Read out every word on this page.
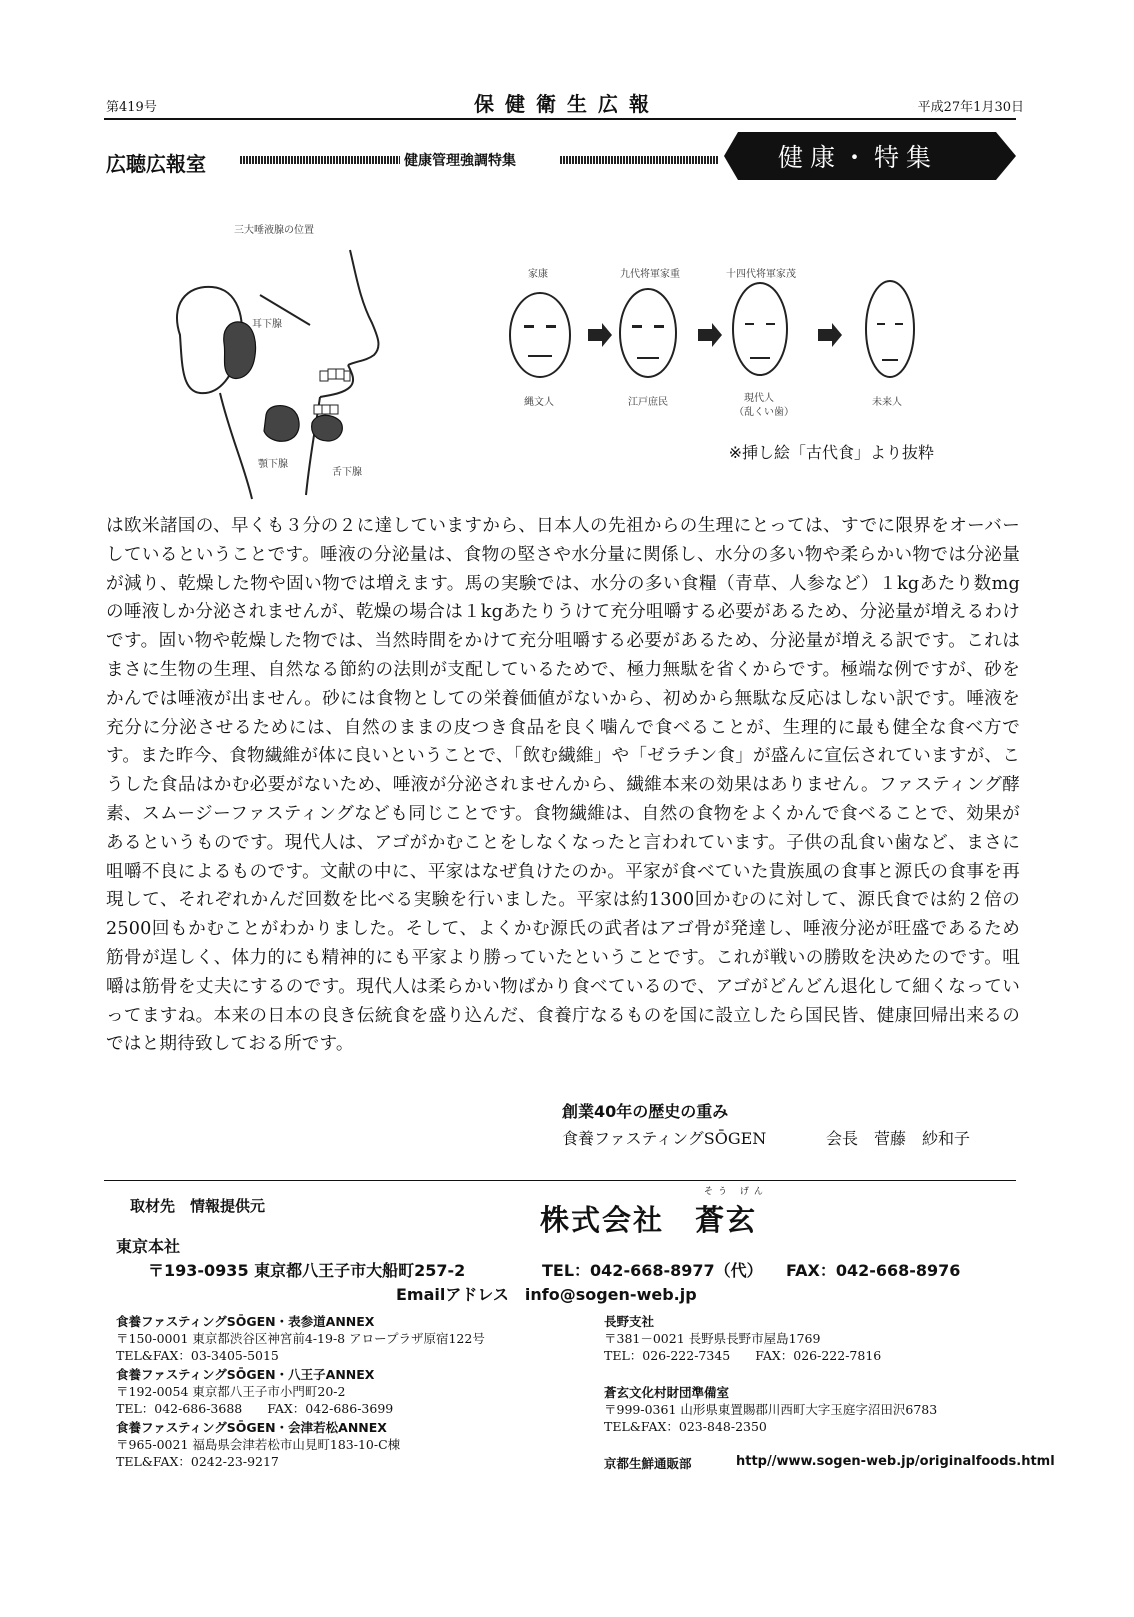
第419号	保健衛生広報	平成27年1月30日
広聴広報室	健康管理強調特集	健康・特集
三大唾液腺の位置
耳下腺
顎下腺
舌下腺
家康	九代将軍家重	十四代将軍家茂
縄文人	江戸庶民	現代人
（乱くい歯）
未来人
※挿し絵「古代食」より抜粋
は欧米諸国の、早くも３分の２に達していますから、日本人の先祖からの生理にとっては、すでに限界をオーバーしているということです。唾液の分泌量は、食物の堅さや水分量に関係し、水分の多い物や柔らかい物では分泌量が減り、乾燥した物や固い物では増えます。馬の実験では、水分の多い食糧（青草、人参など）１kgあたり数mgの唾液しか分泌されませんが、乾燥の場合は１kgあたりうけて充分咀嚼する必要があるため、分泌量が増えるわけです。固い物や乾燥した物では、当然時間をかけて充分咀嚼する必要があるため、分泌量が増える訳です。これはまさに生物の生理、自然なる節約の法則が支配しているためで、極力無駄を省くからです。極端な例ですが、砂をかんでは唾液が出ません。砂には食物としての栄養価値がないから、初めから無駄な反応はしない訳です。唾液を充分に分泌させるためには、自然のままの皮つき食品を良く噛んで食べることが、生理的に最も健全な食べ方です。また昨今、食物繊維が体に良いということで、「飲む繊維」や「ゼラチン食」が盛んに宣伝されていますが、こうした食品はかむ必要がないため、唾液が分泌されませんから、繊維本来の効果はありません。ファスティング酵素、スムージーファスティングなども同じことです。食物繊維は、自然の食物をよくかんで食べることで、効果があるというものです。現代人は、アゴがかむことをしなくなったと言われています。子供の乱食い歯など、まさに咀嚼不良によるものです。文献の中に、平家はなぜ負けたのか。平家が食べていた貴族風の食事と源氏の食事を再現して、それぞれかんだ回数を比べる実験を行いました。平家は約1300回かむのに対して、源氏食では約２倍の2500回もかむことがわかりました。そして、よくかむ源氏の武者はアゴ骨が発達し、唾液分泌が旺盛であるため筋骨が逞しく、体力的にも精神的にも平家より勝っていたということです。これが戦いの勝敗を決めたのです。咀嚼は筋骨を丈夫にするのです。現代人は柔らかい物ばかり食べているので、アゴがどんどん退化して細くなっていってますね。本来の日本の良き伝統食を盛り込んだ、食養庁なるものを国に設立したら国民皆、健康回帰出来るのではと期待致しておる所です。
創業40年の歴史の重み
食養ファスティングSŌGEN	会長　菅藤　紗和子
取材先　情報提供元
そう げん
株式会社　蒼玄
東京本社
〒193-0935 東京都八王子市大船町257-2	TEL：042-668-8977（代） FAX：042-668-8976
Emailアドレス　info@sogen-web.jp
食養ファスティングSŌGEN・表参道ANNEX
〒150-0001 東京都渋谷区神宮前4-19-8 アロープラザ原宿122号
TEL&FAX：03-3405-5015
食養ファスティングSŌGEN・八王子ANNEX
〒192-0054 東京都八王子市小門町20-2
TEL：042-686-3688　　FAX：042-686-3699
食養ファスティングSŌGEN・会津若松ANNEX
〒965-0021 福島県会津若松市山見町183-10-C棟
TEL&FAX：0242-23-9217
長野支社
〒381－0021 長野県長野市屋島1769
TEL：026-222-7345　　FAX：026-222-7816
蒼玄文化村財団準備室
〒999-0361 山形県東置賜郡川西町大字玉庭字沼田沢6783
TEL&FAX：023-848-2350
京都生鮮通販部	http//www.sogen-web.jp/originalfoods.html
